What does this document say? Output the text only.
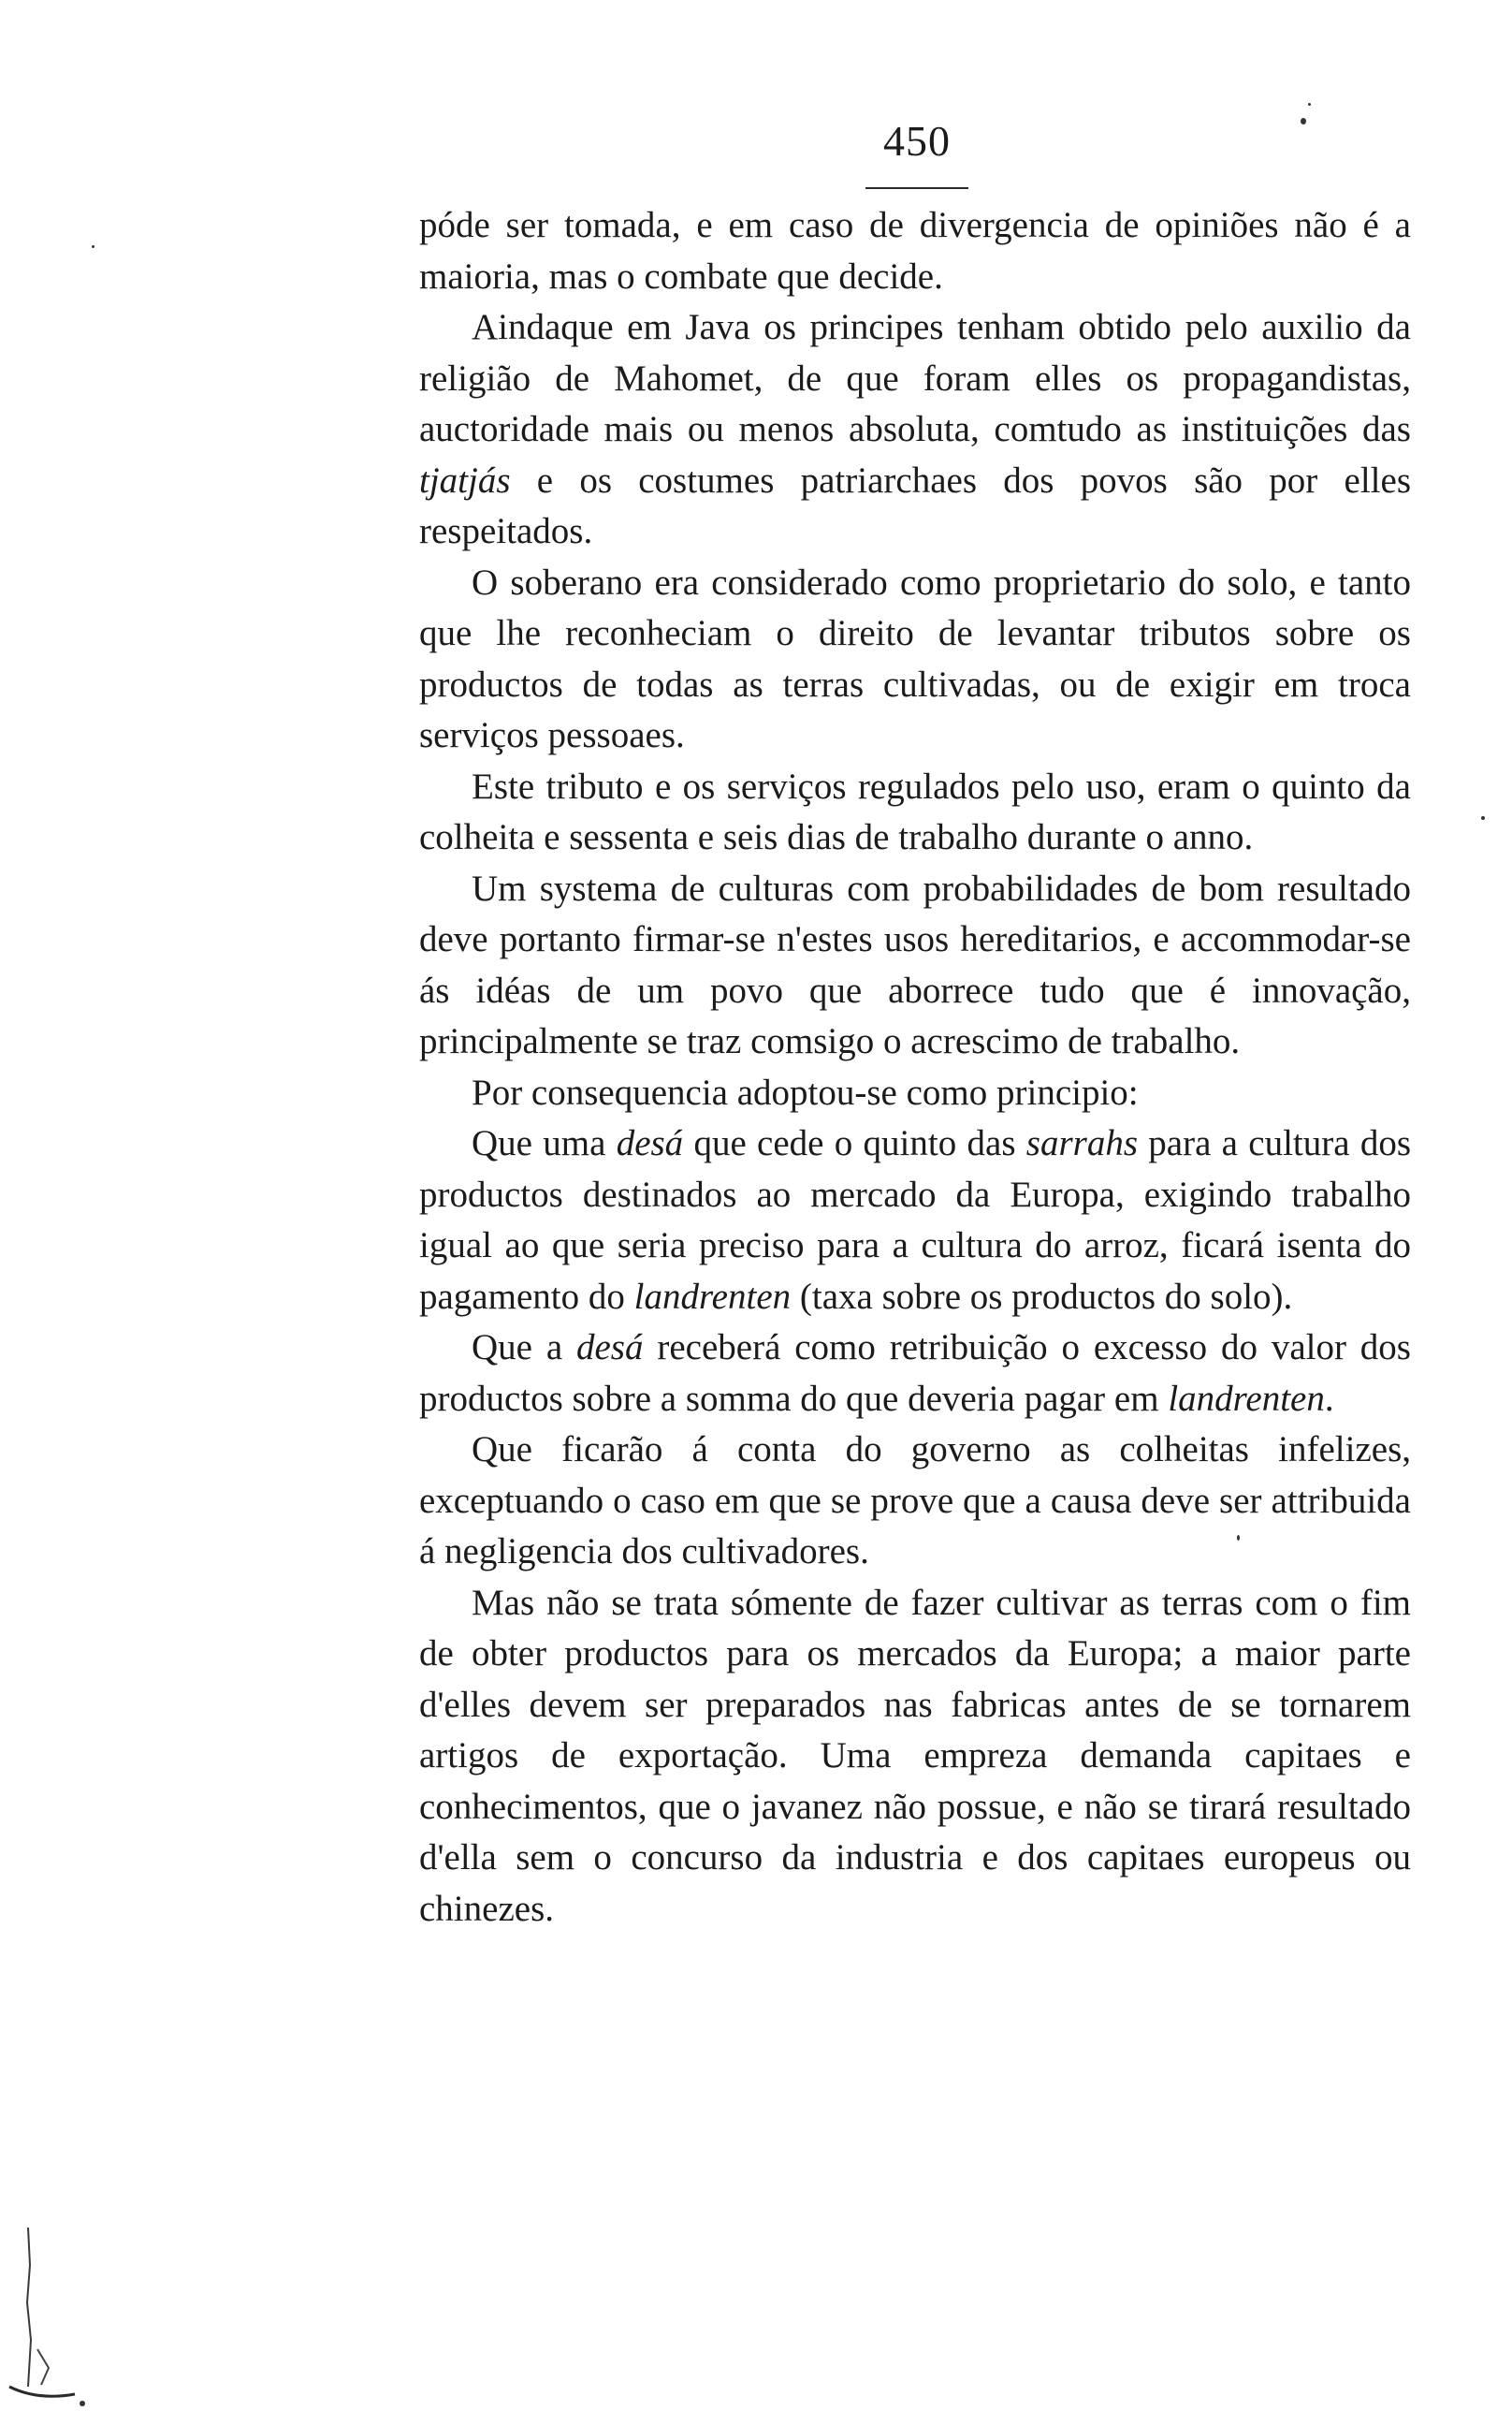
450

póde ser tomada, e em caso de divergencia de opiniões não é a maioria, mas o combate que decide.

Aindaque em Java os principes tenham obtido pelo auxilio da religião de Mahomet, de que foram elles os propagandistas, auctoridade mais ou menos absoluta, comtudo as instituições das tjatjás e os costumes patriarchaes dos povos são por elles respeitados.

O soberano era considerado como proprietario do solo, e tanto que lhe reconheciam o direito de levantar tributos sobre os productos de todas as terras cultivadas, ou de exigir em troca serviços pessoaes.

Este tributo e os serviços regulados pelo uso, eram o quinto da colheita e sessenta e seis dias de trabalho durante o anno.

Um systema de culturas com probabilidades de bom resultado deve portanto firmar-se n'estes usos hereditarios, e accommodar-se ás idéas de um povo que aborrece tudo que é innovação, principalmente se traz comsigo o acrescimo de trabalho.

Por consequencia adoptou-se como principio:

Que uma desá que cede o quinto das sarrahs para a cultura dos productos destinados ao mercado da Europa, exigindo trabalho igual ao que seria preciso para a cultura do arroz, ficará isenta do pagamento do landrenten (taxa sobre os productos do solo).

Que a desá receberá como retribuição o excesso do valor dos productos sobre a somma do que deveria pagar em landrenten.

Que ficarão á conta do governo as colheitas infelizes, exceptuando o caso em que se prove que a causa deve ser attribuida á negligencia dos cultivadores.

Mas não se trata sómente de fazer cultivar as terras com o fim de obter productos para os mercados da Europa; a maior parte d'elles devem ser preparados nas fabricas antes de se tornarem artigos de exportação. Uma empreza demanda capitaes e conhecimentos, que o javanez não possue, e não se tirará resultado d'ella sem o concurso da industria e dos capitaes europeus ou chinezes.
